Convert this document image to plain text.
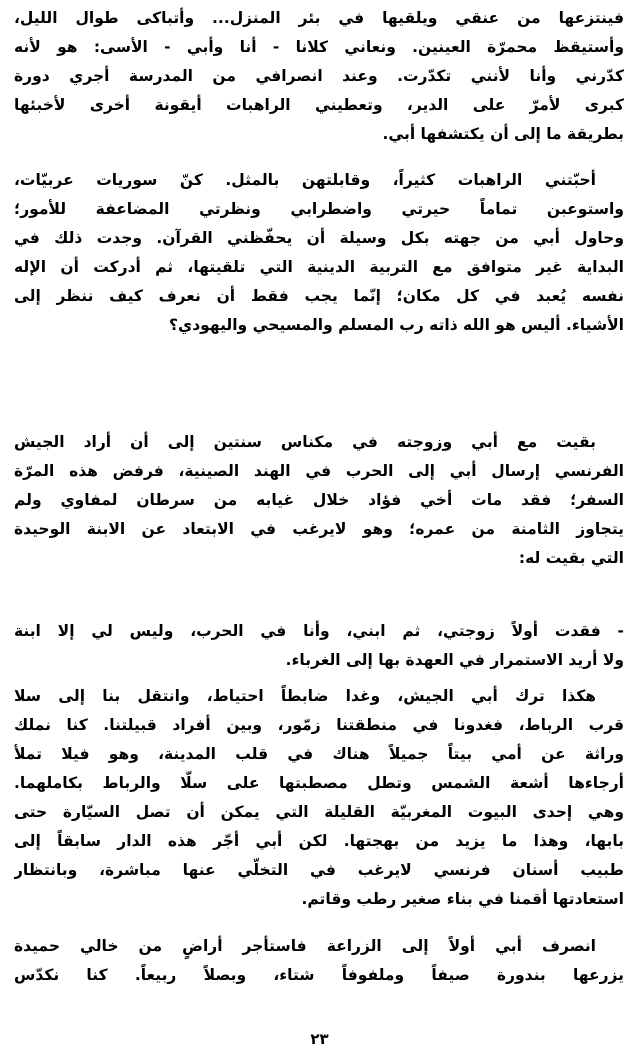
فينتزعها من عنقي ويلقيها في بئر المنزل... وأتباكى طوال الليل،
وأستيقظ محمرّة العينين. ونعاني كلانا - أنا وأبي - الأسى: هو لأنه
كدّرني وأنا لأنني تكدّرت. وعند انصرافي من المدرسة أجري دورة
كبرى لأمرّ على الدير، وتعطيني الراهبات أيقونة أخرى لأخبئها
بطريقة ما إلى أن يكتشفها أبي.
أحبّتني الراهبات كثيراً، وقابلتهن بالمثل. كنّ سوريات عربيّات،
واستوعبن تماماً حيرتي واضطرابي ونظرتي المضاعفة للأمور؛
وحاول أبي من جهته بكل وسيلة أن يحفّظني القرآن. وجدت ذلك في
البداية غير متوافق مع التربية الدينية التي تلقيتها، ثم أدركت أن الإله
نفسه يُعبد في كل مكان؛ إنّما يجب فقط أن نعرف كيف ننظر إلى
الأشياء. أليس هو الله ذاته رب المسلم والمسيحي واليهودي؟
بقيت مع أبي وزوجته في مكناس سنتين إلى أن أراد الجيش
الفرنسي إرسال أبي إلى الحرب في الهند الصينية، فرفض هذه المرّة
السفر؛ فقد مات أخي فؤاد خلال غيابه من سرطان لمفاوي ولم
يتجاوز الثامنة من عمره؛ وهو لايرغب في الابتعاد عن الابنة الوحيدة
التي بقيت له:
- فقدت أولاً زوجتي، ثم ابني، وأنا في الحرب، وليس لي إلا ابنة
ولا أريد الاستمرار في العهدة بها إلى الغرباء.
هكذا ترك أبي الجيش، وغدا ضابطاً احتياط، وانتقل بنا إلى سلا
قرب الرباط، فغدونا في منطقتنا زمّور، وبين أفراد قبيلتنا. كنا نملك
وراثة عن أمي بيتاً جميلاً هناك في قلب المدينة، وهو فيلا تملأ
أرجاءها أشعة الشمس وتطل مصطبتها على سلّا والرباط بكاملهما.
وهي إحدى البيوت المغربيّة القليلة التي يمكن أن تصل السيّارة حتى
بابها، وهذا ما يزيد من بهجتها. لكن أبي أجّر هذه الدار سابقاً إلى
طبيب أسنان فرنسي لايرغب في التخلّي عنها مباشرة، وبانتظار
استعادتها أقمنا في بناء صغير رطب وقاتم.
انصرف أبي أولاً إلى الزراعة فاستأجر أراضٍ من خالي حميدة
يزرعها بندورة صيفاً وملفوفاً شتاء، وبصلاً ربيعاً. كنا نكدّس
٢٣
